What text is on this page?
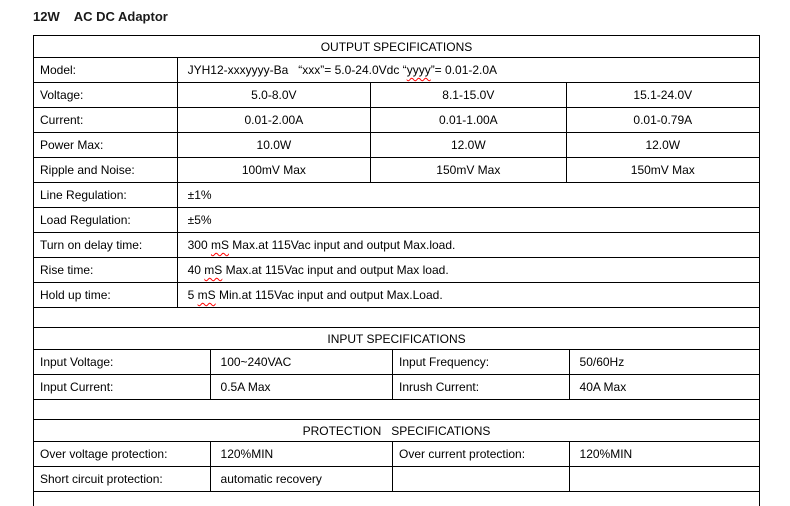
12W    AC DC Adaptor
OUTPUT SPECIFICATIONS
Model:	JYH12-xxxyyyy-Ba   “xxx”= 5.0-24.0Vdc “ yyyy ”= 0.01-2.0A
Voltage:	5.0-8.0V	8.1-15.0V	15.1-24.0V
Current:	0.01-2.00A	0.01-1.00A	0.01-0.79A
Power Max:	10.0W	12.0W	12.0W
Ripple and Noise:	100mV Max	150mV Max	150mV Max
Line Regulation:	±1%
Load Regulation:	±5%
Turn on delay time:	300 mS Max.at 115Vac input and output Max.load.
Rise time:	40 mS Max.at 115Vac input and output Max load.
Hold up time:	5 mS Min.at 115Vac input and output Max.Load.
INPUT SPECIFICATIONS
Input Voltage:	100~240VAC	Input Frequency:	50/60Hz
Input Current:	0.5A Max	Inrush Current:	40A Max
PROTECTION   SPECIFICATIONS
Over voltage protection:	120%MIN	Over current protection:	120%MIN
Short circuit protection:	automatic recovery
